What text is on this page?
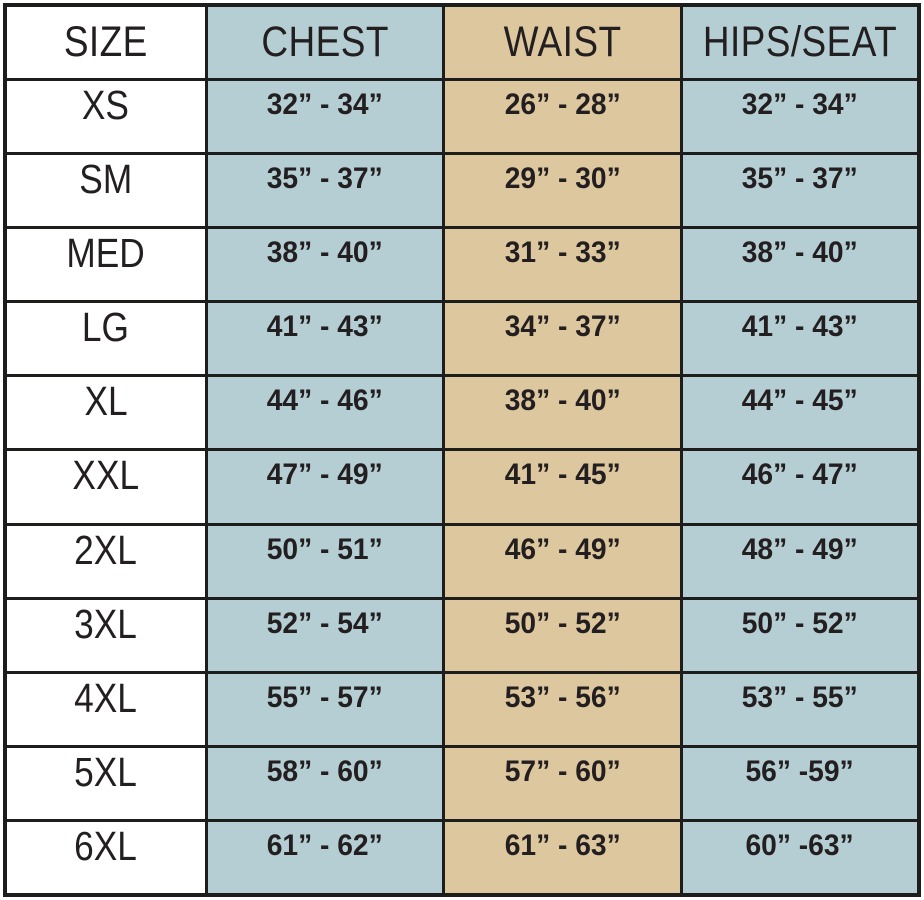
SIZE	CHEST	WAIST	HIPS/SEAT
XS	32” - 34”	26” - 28”	32” - 34”
SM	35” - 37”	29” - 30”	35” - 37”
MED	38” - 40”	31” - 33”	38” - 40”
LG	41” - 43”	34” - 37”	41” - 43”
XL	44” - 46”	38” - 40”	44” - 45”
XXL	47” - 49”	41” - 45”	46” - 47”
2XL	50” - 51”	46” - 49”	48” - 49”
3XL	52” - 54”	50” - 52”	50” - 52”
4XL	55” - 57”	53” - 56”	53” - 55”
5XL	58” - 60”	57” - 60”	56” -59”
6XL	61” - 62”	61” - 63”	60” -63”
